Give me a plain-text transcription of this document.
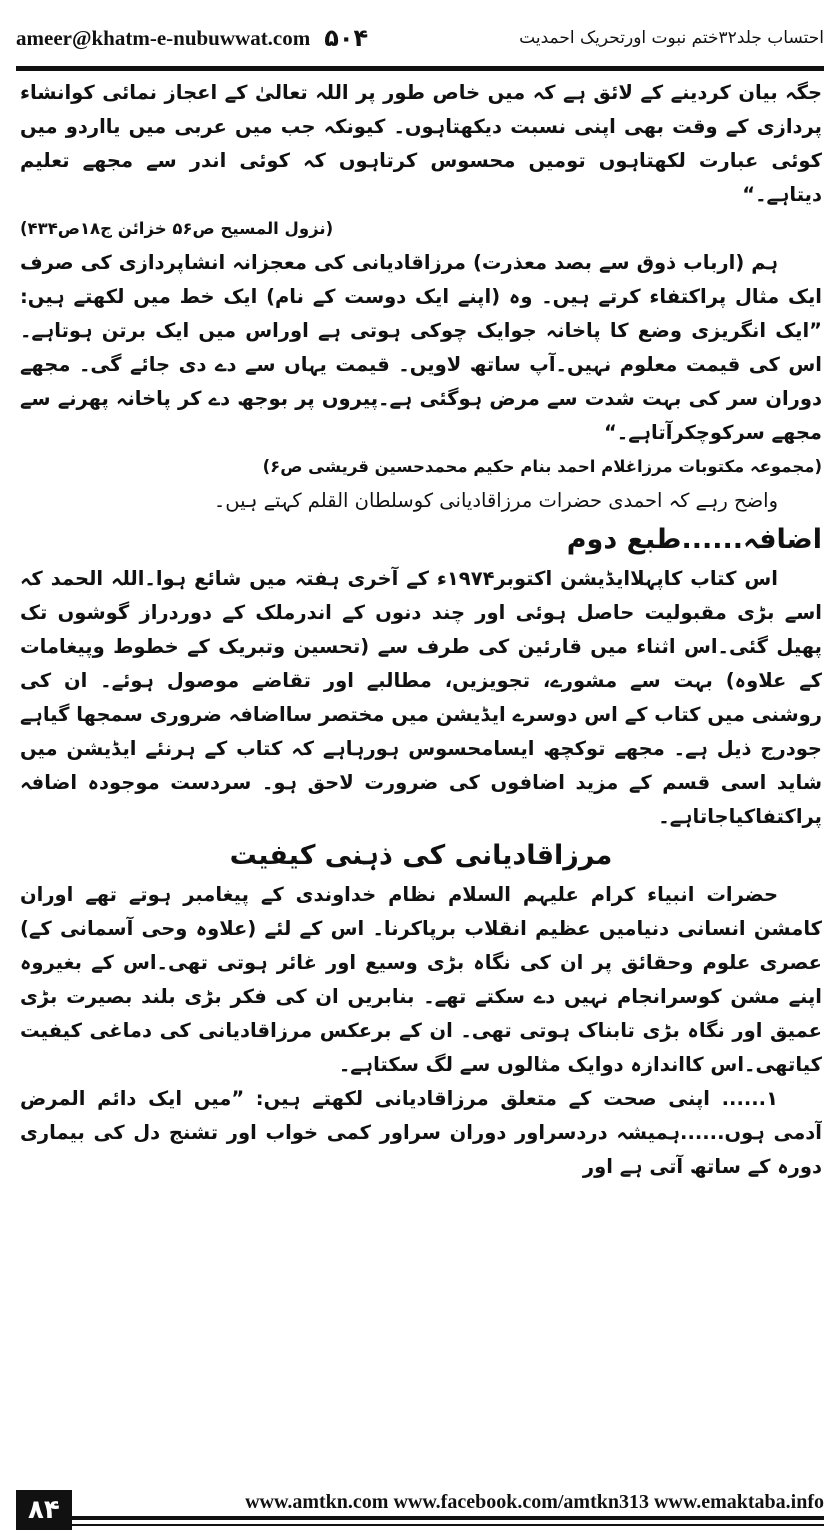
ameer@khatm-e-nubuwwat.com ۵۰۴	احتساب جلد۳۲ختم نبوت اورتحریک احمدیت

جگہ بیان کردینے کے لائق ہے کہ میں خاص طور پر اللہ تعالیٰ کے اعجاز نمائی کوانشاء پردازی کے وقت بھی اپنی نسبت دیکھتاہوں۔ کیونکہ جب میں عربی میں یااردو میں کوئی عبارت لکھتاہوں تومیں محسوس کرتاہوں کہ کوئی اندر سے مجھے تعلیم دیتاہے۔“

(نزول المسیح ص۵۶ خزائن ج۱۸ص۴۳۴)

ہم (ارباب ذوق سے بصد معذرت) مرزاقادیانی کی معجزانہ انشاپردازی کی صرف ایک مثال پراکتفاء کرتے ہیں۔ وہ (اپنے ایک دوست کے نام) ایک خط میں لکھتے ہیں: ”ایک انگریزی وضع کا پاخانہ جوایک چوکی ہوتی ہے اوراس میں ایک برتن ہوتاہے۔اس کی قیمت معلوم نہیں۔آپ ساتھ لاویں۔ قیمت یہاں سے دے دی جائے گی۔ مجھے دوران سر کی بہت شدت سے مرض ہوگئی ہے۔پیروں پر بوجھ دے کر پاخانہ پھرنے سے مجھے سرکوچکرآتاہے۔“

(مجموعہ مکتوبات مرزاغلام احمد بنام حکیم محمدحسین قریشی ص۶)

واضح رہے کہ احمدی حضرات مرزاقادیانی کوسلطان القلم کہتے ہیں۔

اضافہ......طبع دوم

اس کتاب کاپہلاایڈیشن اکتوبر۱۹۷۴ء کے آخری ہفتہ میں شائع ہوا۔اللہ الحمد کہ اسے بڑی مقبولیت حاصل ہوئی اور چند دنوں کے اندرملک کے دوردراز گوشوں تک پھیل گئی۔اس اثناء میں قارئین کی طرف سے (تحسین وتبریک کے خطوط وپیغامات کے علاوہ) بہت سے مشورے، تجویزیں، مطالبے اور تقاضے موصول ہوئے۔ ان کی روشنی میں کتاب کے اس دوسرے ایڈیشن میں مختصر سااضافہ ضروری سمجھا گیاہے جودرج ذیل ہے۔ مجھے توکچھ ایسامحسوس ہورہاہے کہ کتاب کے ہرنئے ایڈیشن میں شاید اسی قسم کے مزید اضافوں کی ضرورت لاحق ہو۔ سردست موجودہ اضافہ پراکتفاکیاجاتاہے۔

مرزاقادیانی کی ذہنی کیفیت

حضرات انبیاء کرام علیہم السلام نظام خداوندی کے پیغامبر ہوتے تھے اوران کامشن انسانی دنیامیں عظیم انقلاب برپاکرنا۔ اس کے لئے (علاوہ وحی آسمانی کے) عصری علوم وحقائق پر ان کی نگاہ بڑی وسیع اور غائر ہوتی تھی۔اس کے بغیروہ اپنے مشن کوسرانجام نہیں دے سکتے تھے۔ بنابریں ان کی فکر بڑی بلند بصیرت بڑی عمیق اور نگاہ بڑی تابناک ہوتی تھی۔ ان کے برعکس مرزاقادیانی کی دماغی کیفیت کیاتھی۔اس کااندازہ دوایک مثالوں سے لگ سکتاہے۔

۱...... اپنی صحت کے متعلق مرزاقادیانی لکھتے ہیں: ”میں ایک دائم المرض آدمی ہوں......ہمیشہ دردسراور دوران سراور کمی خواب اور تشنج دل کی بیماری دورہ کے ساتھ آتی ہے اور

۸۴	www.amtkn.com www.facebook.com/amtkn313 www.emaktaba.info
